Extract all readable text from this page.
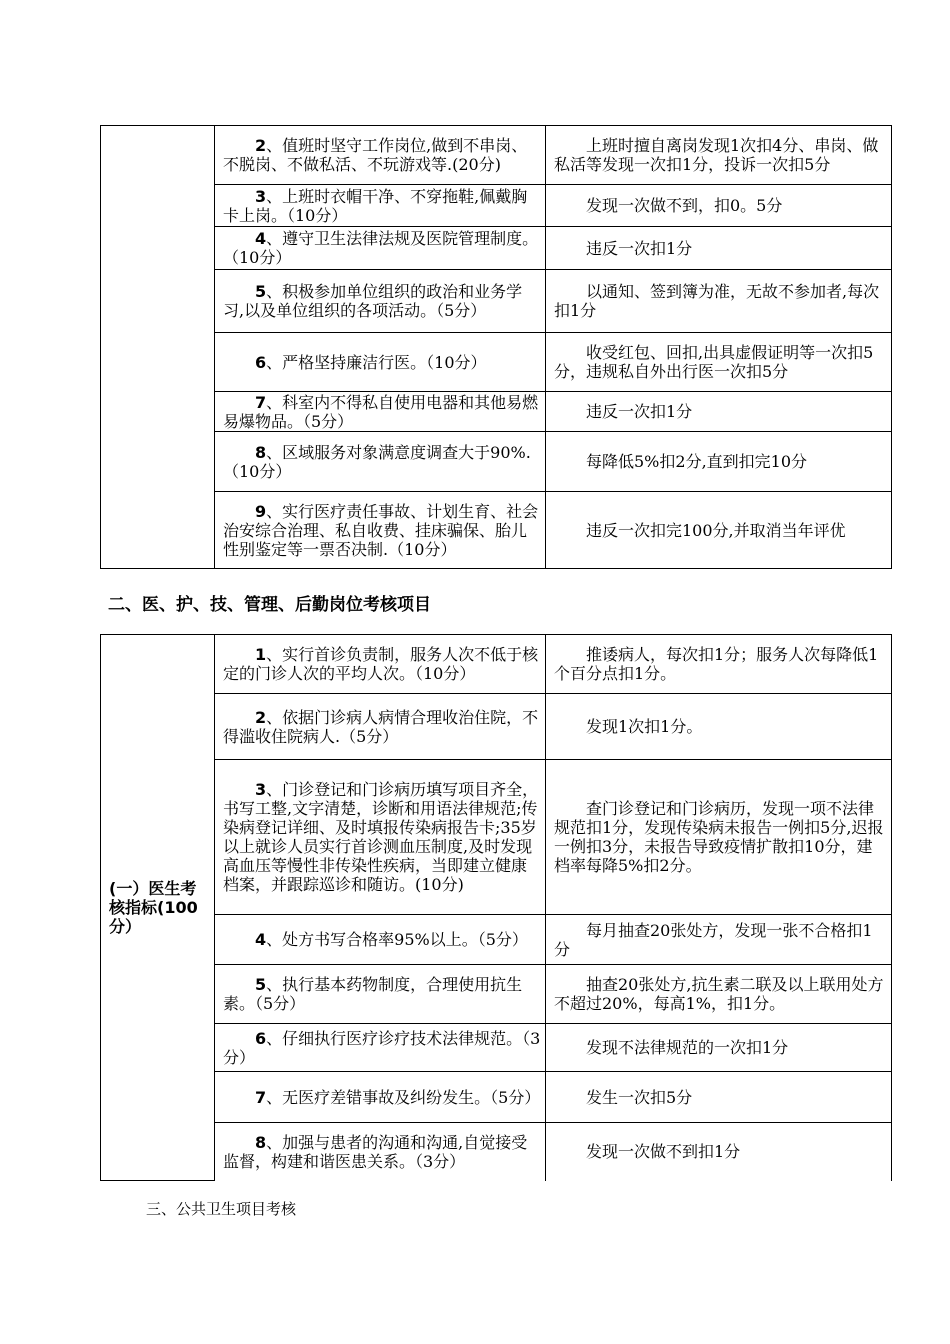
	2、值班时坚守工作岗位,做到不串岗、不脱岗、不做私活、不玩游戏等.(20分)	上班时擅自离岗发现1次扣4分、串岗、做私活等发现一次扣1分，投诉一次扣5分
	3、上班时衣帽干净、不穿拖鞋,佩戴胸卡上岗。（10分）	发现一次做不到，扣0。5分
	4、遵守卫生法律法规及医院管理制度。（10分）	违反一次扣1分
	5、积极参加单位组织的政治和业务学习,以及单位组织的各项活动。（5分）	以通知、签到簿为准，无故不参加者,每次扣1分
	6、严格坚持廉洁行医。（10分）	收受红包、回扣,出具虚假证明等一次扣5分，违规私自外出行医一次扣5分
	7、科室内不得私自使用电器和其他易燃易爆物品。（5分）	违反一次扣1分
	8、区域服务对象满意度调查大于90%.（10分）	每降低5%扣2分,直到扣完10分
	9、实行医疗责任事故、计划生育、社会治安综合治理、私自收费、挂床骗保、胎儿性别鉴定等一票否决制.（10分）	违反一次扣完100分,并取消当年评优
二、医、护、技、管理、后勤岗位考核项目
(一）医生考核指标(100分）	1、实行首诊负责制，服务人次不低于核定的门诊人次的平均人次。（10分）	推诿病人，每次扣1分；服务人次每降低1个百分点扣1分。
	2、依据门诊病人病情合理收治住院，不得滥收住院病人.（5分）	发现1次扣1分。
	3、门诊登记和门诊病历填写项目齐全，书写工整,文字清楚，诊断和用语法律规范;传染病登记详细、及时填报传染病报告卡;35岁以上就诊人员实行首诊测血压制度,及时发现高血压等慢性非传染性疾病，当即建立健康档案，并跟踪巡诊和随访。(10分)	查门诊登记和门诊病历，发现一项不法律规范扣1分，发现传染病未报告一例扣5分,迟报一例扣3分，未报告导致疫情扩散扣10分，建档率每降5%扣2分。
	4、处方书写合格率95%以上。（5分）	每月抽查20张处方，发现一张不合格扣1分
	5、执行基本药物制度，合理使用抗生素。（5分）	抽查20张处方,抗生素二联及以上联用处方不超过20%，每高1%，扣1分。
	6、仔细执行医疗诊疗技术法律规范。（3分）	发现不法律规范的一次扣1分
	7、无医疗差错事故及纠纷发生。（5分）	发生一次扣5分
	8、加强与患者的沟通和沟通,自觉接受监督，构建和谐医患关系。（3分）	发现一次做不到扣1分
三、公共卫生项目考核
